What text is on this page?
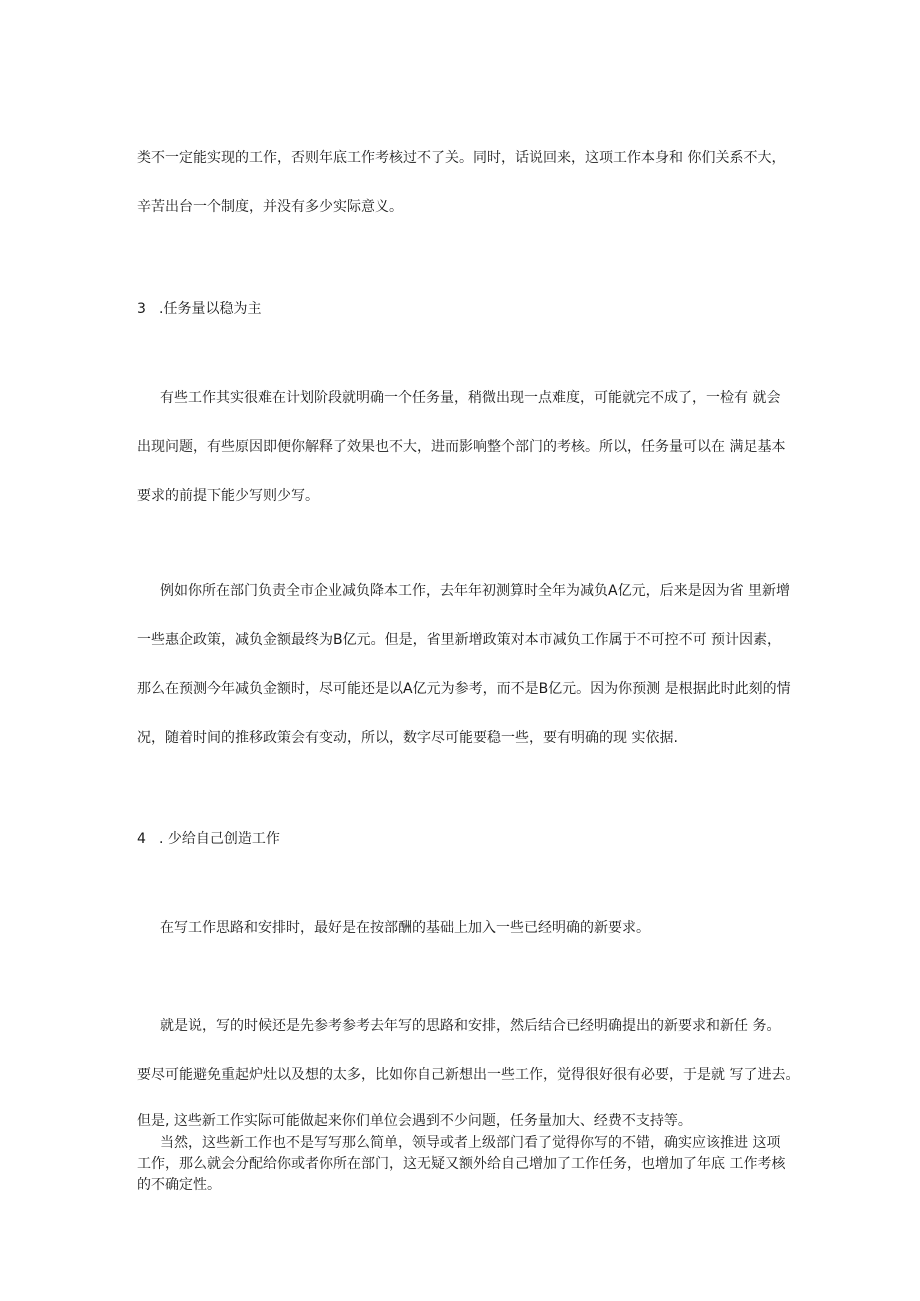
类不一定能实现的工作，否则年底工作考核过不了关。同时，话说回来，这项工作本身和 你们关系不大，

辛苦出台一个制度，并没有多少实际意义。

3 .任务量以稳为主

有些工作其实很难在计划阶段就明确一个任务量，稍微出现一点难度，可能就完不成了，一检有 就会

出现问题，有些原因即便你解释了效果也不大，进而影响整个部门的考核。所以，任务量可以在 满足基本

要求的前提下能少写则少写。

例如你所在部门负责全市企业减负降本工作，去年年初测算时全年为减负A亿元，后来是因为省 里新增

一些惠企政策，减负金额最终为B亿元。但是，省里新增政策对本市减负工作属于不可控不可 预计因素，

那么在预测今年减负金额时，尽可能还是以A亿元为参考，而不是B亿元。因为你预测 是根据此时此刻的情

况，随着时间的推移政策会有变动，所以，数字尽可能要稳一些，要有明确的现 实依据.

4 . 少给自己创造工作

在写工作思路和安排时，最好是在按部酬的基础上加入一些已经明确的新要求。

就是说，写的时候还是先参考参考去年写的思路和安排，然后结合已经明确提出的新要求和新任 务。

要尽可能避免重起炉灶以及想的太多，比如你自己新想出一些工作，觉得很好很有必要，于是就 写了进去。

但是, 这些新工作实际可能做起来你们单位会遇到不少问题，任务量加大、经费不支持等。

当然，这些新工作也不是写写那么简单，领导或者上级部门看了觉得你写的不错，确实应该推进 这项

工作，那么就会分配给你或者你所在部门，这无疑又额外给自己增加了工作任务，也增加了年底 工作考核

的不确定性。
